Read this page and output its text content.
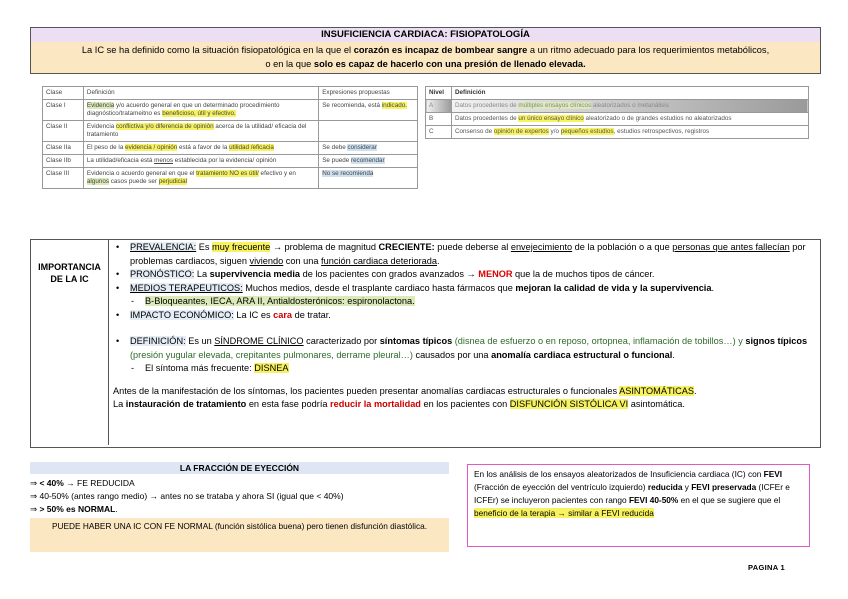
INSUFICIENCIA CARDIACA: FISIOPATOLOGÍA
La IC se ha definido como la situación fisiopatológica en la que el corazón es incapaz de bombear sangre a un ritmo adecuado para los requerimientos metabólicos,
o en la que solo es capaz de hacerlo con una presión de llenado elevada.
Clase	Definición	Expresiones propuestas
Clase I	Evidencia y/o acuerdo general en que un determinado procedimiento diagnóstico/tratameitno es beneficioso, útil y efectivo.	Se recomienda, está indicado.
Clase II	Evidencia conflictiva y/o diferencia de opinión acerca de la utilidad/ eficacia del tratamiento	
Clase IIa	El peso de la evidencia / opinión está a favor de la utilidad /eficacia	Se debe considerar
Clase IIb	La utilidad/eficacia está menos establecida por la evidencia/ opinión	Se puede recomendar
Clase III	Evidencia o acuerdo general en que el tratamiento NO es útil/ efectivo y en algunos casos puede ser perjudicial	No se recomienda
Nivel	Definición
A	Datos procedentes de múltiples ensayos clínicos aleatorizados o metanálisis
B	Datos procedentes de un único ensayo clínico aleatorizado o de grandes estudios no aleatorizados
C	Consenso de opinión de expertos y/o pequeños estudios, estudios retrospectivos, registros
IMPORTANCIA DE LA IC
• PREVALENCIA: Es muy frecuente → problema de magnitud CRECIENTE: puede deberse al envejecimiento de la población o a que personas que antes fallecían por problemas cardiacos, siguen viviendo con una función cardiaca deteriorada.
• PRONÓSTICO: La supervivencia media de los pacientes con grados avanzados → MENOR que la de muchos tipos de cáncer.
• MEDIOS TERAPEUTICOS: Muchos medios, desde el trasplante cardiaco hasta fármacos que mejoran la calidad de vida y la supervivencia.
- B-Bloqueantes, IECA, ARA II, Antialdosterónicos: espironolactona.
• IMPACTO ECONÓMICO: La IC es cara de tratar.
• DEFINICIÓN: Es un SÍNDROME CLÍNICO caracterizado por síntomas típicos (disnea de esfuerzo o en reposo, ortopnea, inflamación de tobillos…) y signos típicos (presión yugular elevada, crepitantes pulmonares, derrame pleural…) causados por una anomalía cardiaca estructural o funcional.
- El síntoma más frecuente: DISNEA
Antes de la manifestación de los síntomas, los pacientes pueden presentar anomalías cardiacas estructurales o funcionales ASINTOMÁTICAS.
La instauración de tratamiento en esta fase podría reducir la mortalidad en los pacientes con DISFUNCIÓN SISTÓLICA VI asintomática.
LA FRACCIÓN DE EYECCIÓN
⇒ < 40% → FE REDUCIDA
⇒ 40-50% (antes rango medio) → antes no se trataba y ahora SI (igual que < 40%)
⇒ > 50% es NORMAL.
PUEDE HABER UNA IC CON FE NORMAL (función sistólica buena) pero tienen disfunción diastólica.
En los análisis de los ensayos aleatorizados de Insuficiencia cardiaca (IC) con FEVI (Fracción de eyección del ventrículo izquierdo) reducida y FEVI preservada (ICFEr e ICFEr) se incluyeron pacientes con rango FEVI 40-50% en el que se sugiere que el beneficio de la terapia → similar a FEVI reducida
PAGINA 1
